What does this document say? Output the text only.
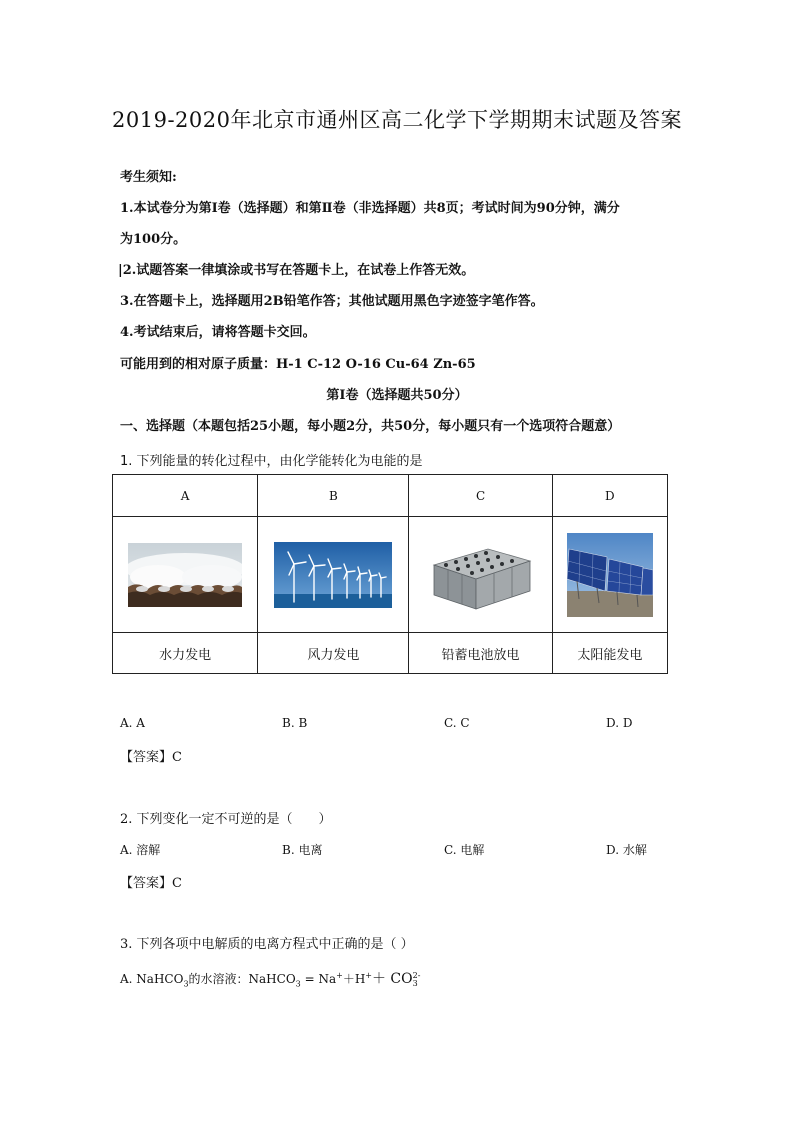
2019-2020年北京市通州区高二化学下学期期末试题及答案
考生须知:
1.本试卷分为第Ⅰ卷（选择题）和第Ⅱ卷（非选择题）共8页；考试时间为90分钟，满分
为100分。
|2.试题答案一律填涂或书写在答题卡上，在试卷上作答无效。
3.在答题卡上，选择题用2B铅笔作答；其他试题用黑色字迹签字笔作答。
4.考试结束后，请将答题卡交回。
可能用到的相对原子质量：H-1 C-12 O-16 Cu-64 Zn-65
第Ⅰ卷（选择题共50分）
一、选择题（本题包括25小题，每小题2分，共50分，每小题只有一个选项符合题意）
1. 下列能量的转化过程中，由化学能转化为电能的是
A	B	C	D

水力发电	风力发电	铅蓄电池放电	太阳能发电
A. A	B. B	C. C	D. D
【答案】C
2. 下列变化一定不可逆的是（　　）
A. 溶解	B. 电离	C. 电解	D. 水解
【答案】C
3. 下列各项中电解质的电离方程式中正确的是（ ）
A. NaHCO$_3$的水溶液：NaHCO$_3$ = Na+＋H+＋ CO 2-
3
